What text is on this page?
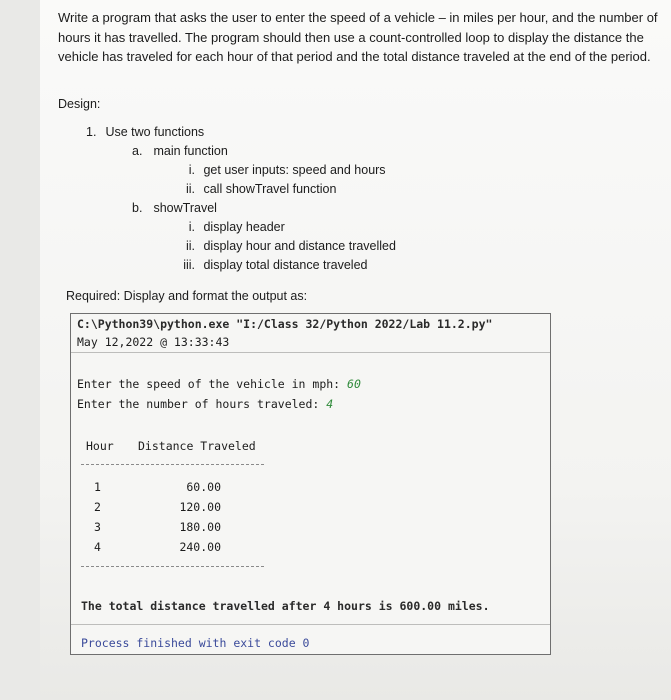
Write a program that asks the user to enter the speed of a vehicle – in miles per hour, and the number of hours it has travelled. The program should then use a count-controlled loop to display the distance the vehicle has traveled for each hour of that period and the total distance traveled at the end of the period.

Design:
1. Use two functions
a. main function
i. get user inputs: speed and hours
ii. call showTravel function
b. showTravel
i. display header
ii. display hour and distance travelled
iii. display total distance traveled
Required: Display and format the output as:
C:\Python39\python.exe "I:/Class 32/Python 2022/Lab 11.2.py"
May 12,2022 @ 13:33:43
Enter the speed of the vehicle in mph: 60
Enter the number of hours traveled: 4
Hour Distance Traveled
1	60.00
2	120.00
3	180.00
4	240.00
The total distance travelled after 4 hours is 600.00 miles.
Process finished with exit code 0
